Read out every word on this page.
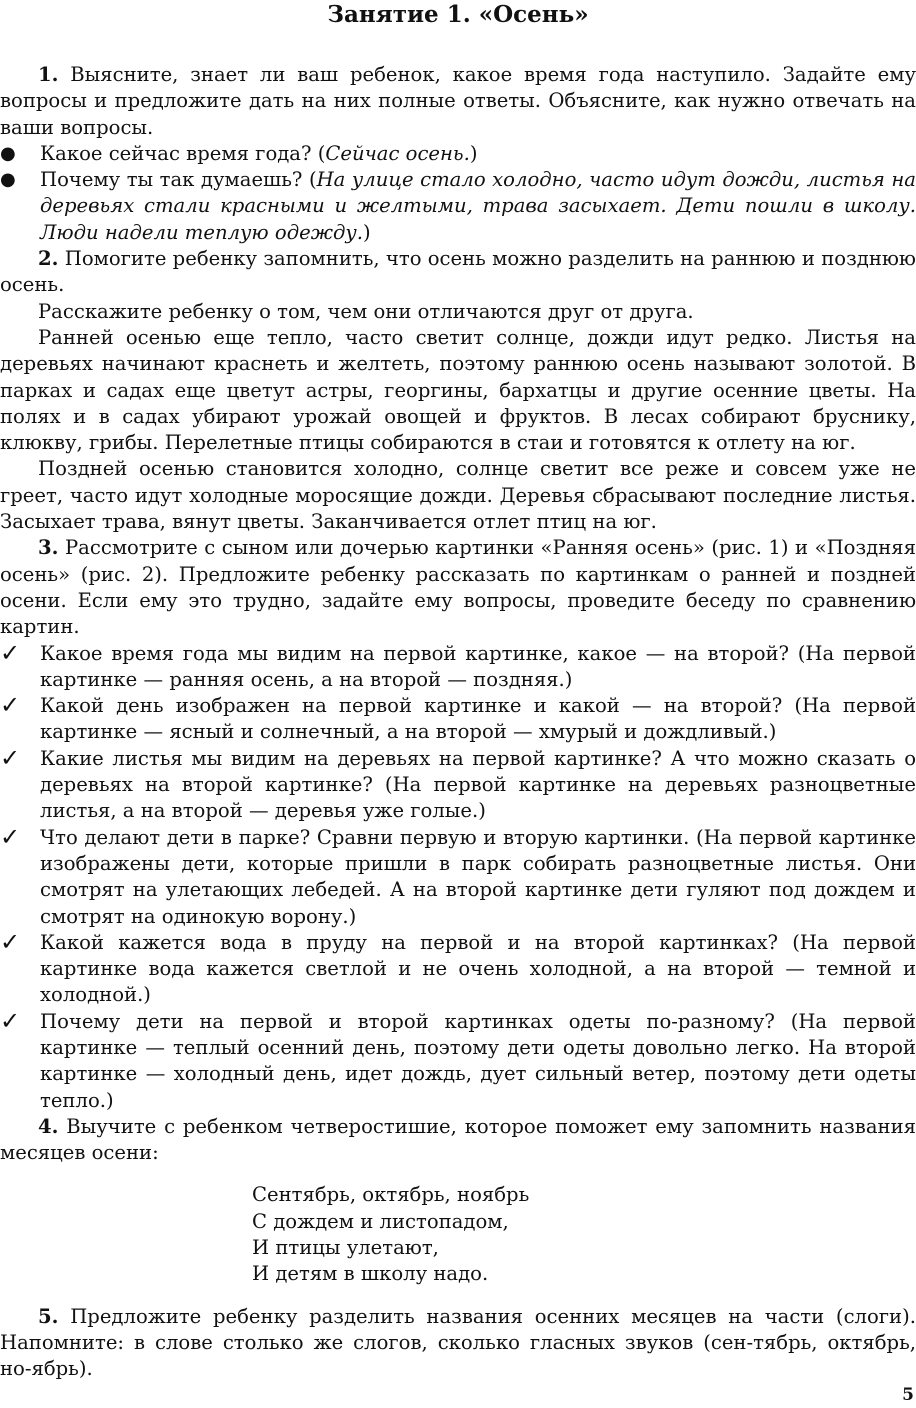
Занятие 1. «Осень»

1. Выясните, знает ли ваш ребенок, какое время года наступило. Задайте ему вопросы и предложите дать на них полные ответы. Объясните, как нужно отвечать на ваши вопросы.

●	Какое сейчас время года? (Сейчас осень.)
●	Почему ты так думаешь? (На улице стало холодно, часто идут дожди, листья на деревьях стали красными и желтыми, трава засыхает. Дети пошли в школу. Люди надели теплую одежду.)

2. Помогите ребенку запомнить, что осень можно разделить на раннюю и позднюю осень.

Расскажите ребенку о том, чем они отличаются друг от друга.

Ранней осенью еще тепло, часто светит солнце, дожди идут редко. Листья на деревьях начинают краснеть и желтеть, поэтому раннюю осень называют золотой. В парках и садах еще цветут астры, георгины, бархатцы и другие осенние цветы. На полях и в садах убирают урожай овощей и фруктов. В лесах собирают бруснику, клюкву, грибы. Перелетные птицы собираются в стаи и готовятся к отлету на юг.

Поздней осенью становится холодно, солнце светит все реже и совсем уже не греет, часто идут холодные моросящие дожди. Деревья сбрасывают последние листья. Засыхает трава, вянут цветы. Заканчивается отлет птиц на юг.

3. Рассмотрите с сыном или дочерью картинки «Ранняя осень» (рис. 1) и «Поздняя осень» (рис. 2). Предложите ребенку рассказать по картинкам о ранней и поздней осени. Если ему это трудно, задайте ему вопросы, проведите беседу по сравнению картин.

✓	Какое время года мы видим на первой картинке, какое — на второй? (На первой картинке — ранняя осень, а на второй — поздняя.)
✓	Какой день изображен на первой картинке и какой — на второй? (На первой картинке — ясный и солнечный, а на второй — хмурый и дождливый.)
✓	Какие листья мы видим на деревьях на первой картинке? А что можно сказать о деревьях на второй картинке? (На первой картинке на деревьях разноцветные листья, а на второй — деревья уже голые.)
✓	Что делают дети в парке? Сравни первую и вторую картинки. (На первой картинке изображены дети, которые пришли в парк собирать разноцветные листья. Они смотрят на улетающих лебедей. А на второй картинке дети гуляют под дождем и смотрят на одинокую ворону.)
✓	Какой кажется вода в пруду на первой и на второй картинках? (На первой картинке вода кажется светлой и не очень холодной, а на второй — темной и холодной.)
✓	Почему дети на первой и второй картинках одеты по-разному? (На первой картинке — теплый осенний день, поэтому дети одеты довольно легко. На второй картинке — холодный день, идет дождь, дует сильный ветер, поэтому дети одеты тепло.)

4. Выучите с ребенком четверостишие, которое поможет ему запомнить названия месяцев осени:

Сентябрь, октябрь, ноябрь
С дождем и листопадом,
И птицы улетают,
И детям в школу надо.

5. Предложите ребенку разделить названия осенних месяцев на части (слоги). Напомните: в слове столько же слогов, сколько гласных звуков (сен-тябрь, октябрь, но-ябрь).

5
